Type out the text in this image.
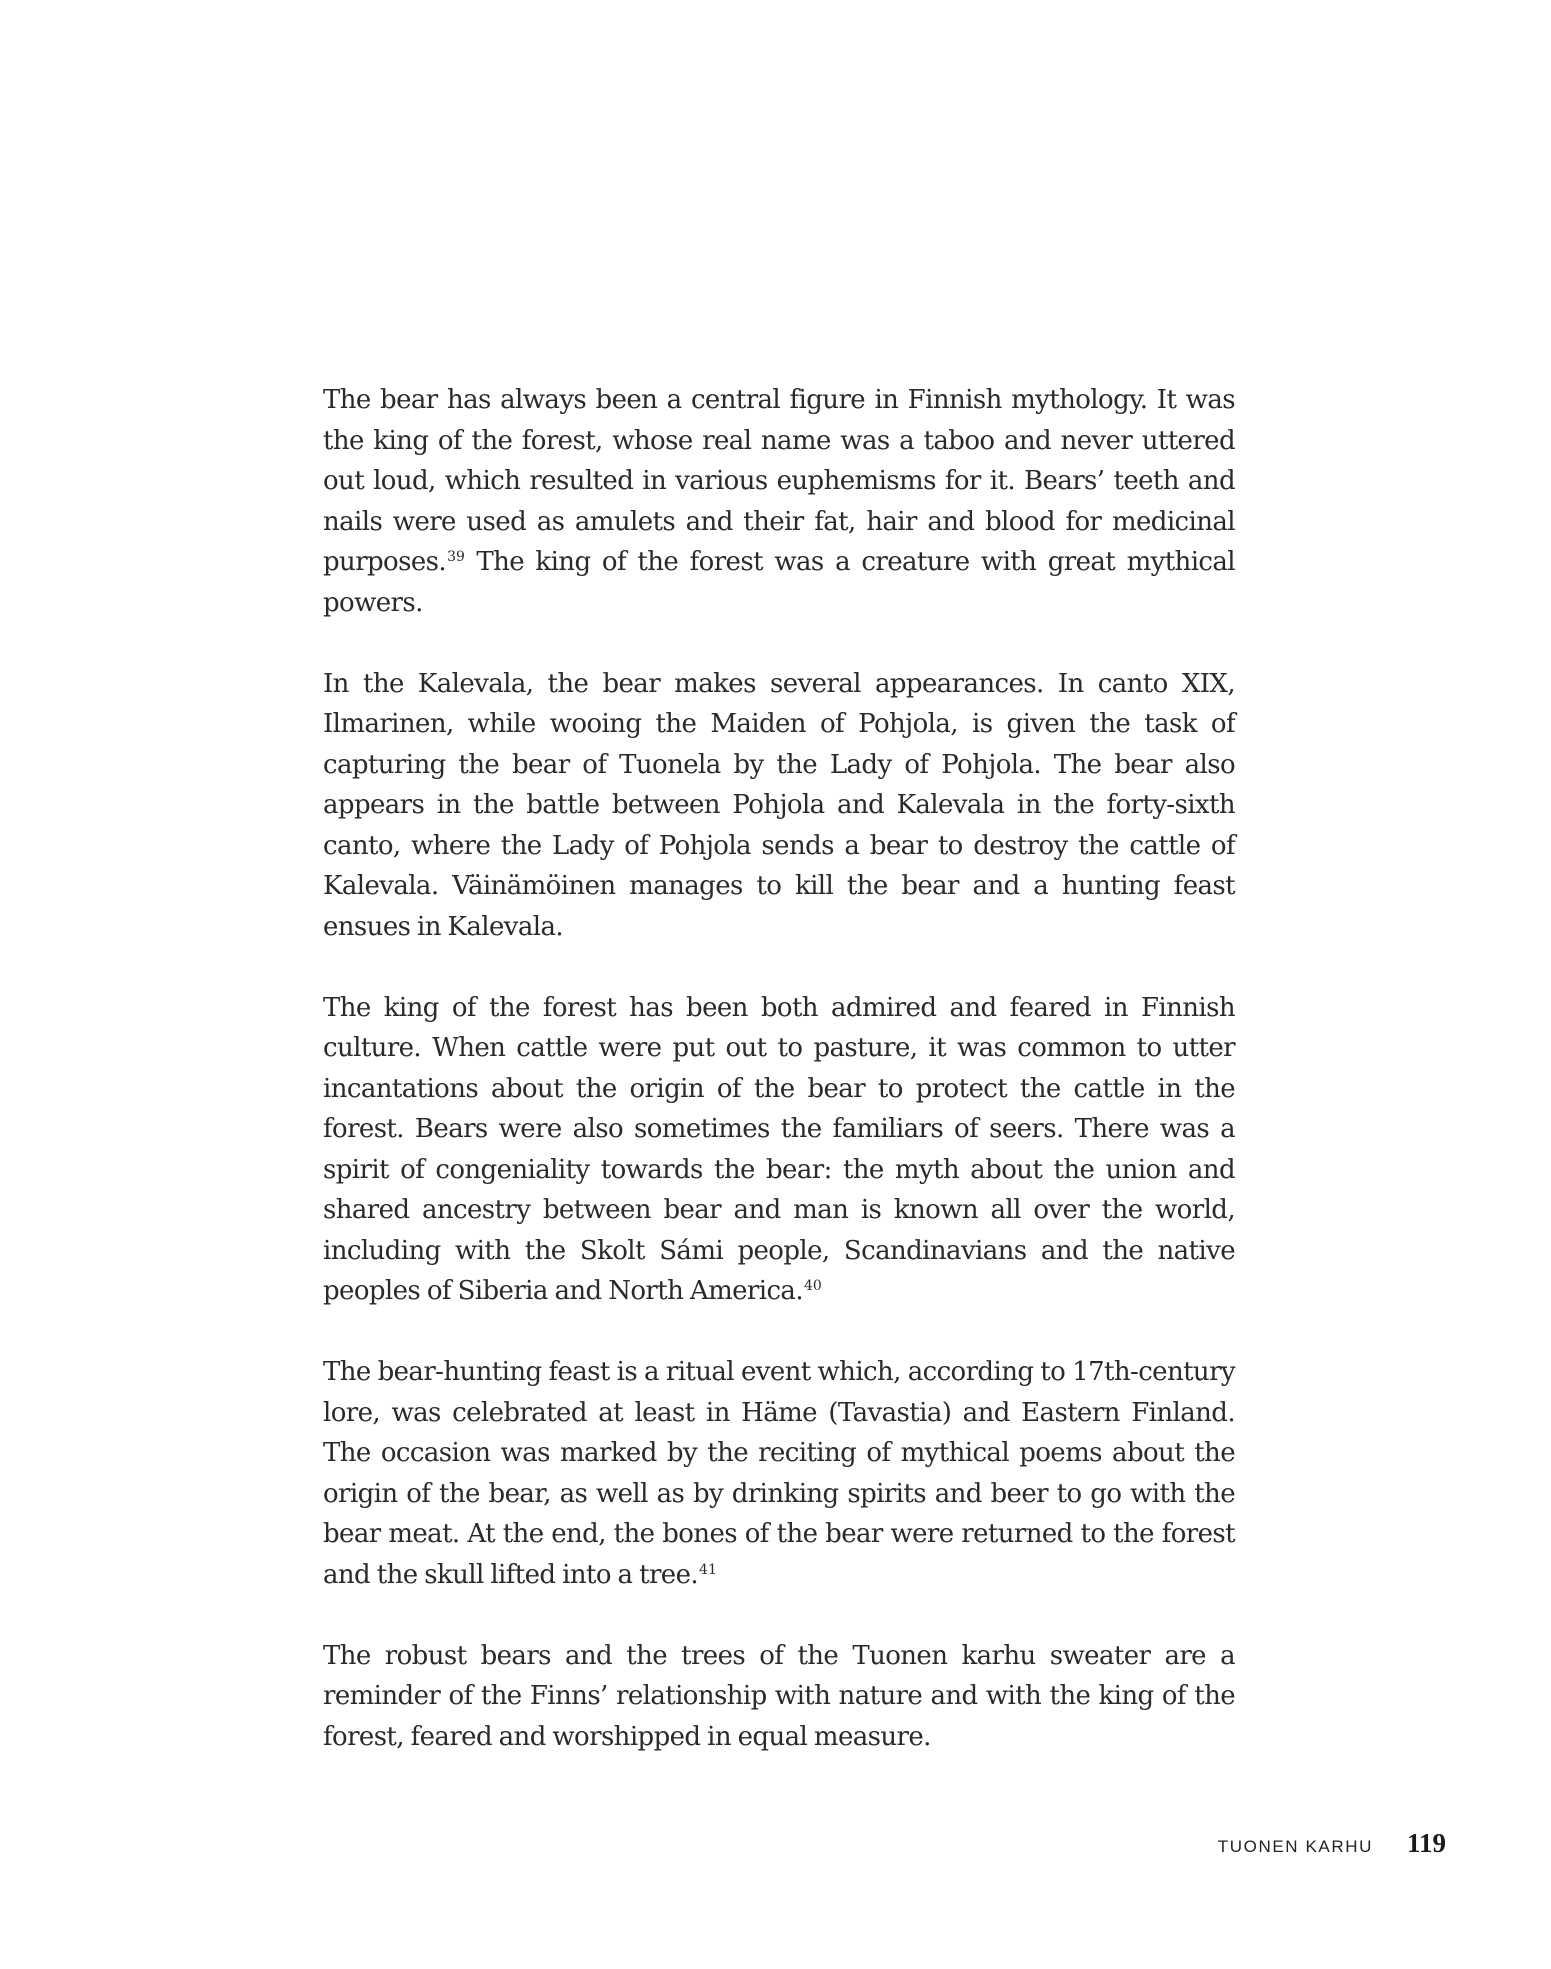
The bear has always been a central figure in Finnish mythology. It was the king of the forest, whose real name was a taboo and never uttered out loud, which resulted in various euphemisms for it. Bears’ teeth and nails were used as amulets and their fat, hair and blood for medicinal purposes.$^{39}$ The king of the forest was a creature with great mythical powers.

In the Kalevala, the bear makes several appearances. In canto XIX, Ilmarinen, while wooing the Maiden of Pohjola, is given the task of capturing the bear of Tuonela by the Lady of Pohjola. The bear also appears in the battle between Pohjola and Kalevala in the forty-sixth canto, where the Lady of Pohjola sends a bear to destroy the cattle of Kalevala. Väinämöinen manages to kill the bear and a hunting feast ensues in Kalevala.

The king of the forest has been both admired and feared in Finnish culture. When cattle were put out to pasture, it was common to utter incantations about the origin of the bear to protect the cattle in the forest. Bears were also sometimes the familiars of seers. There was a spirit of congeniality towards the bear: the myth about the union and shared ancestry between bear and man is known all over the world, including with the Skolt Sámi people, Scandinavians and the native peoples of Siberia and North America.$^{40}$

The bear-hunting feast is a ritual event which, according to 17th-century lore, was celebrated at least in Häme (Tavastia) and Eastern Finland. The occasion was marked by the reciting of mythical poems about the origin of the bear, as well as by drinking spirits and beer to go with the bear meat. At the end, the bones of the bear were returned to the forest and the skull lifted into a tree.$^{41}$

The robust bears and the trees of the Tuonen karhu sweater are a reminder of the Finns’ relationship with nature and with the king of the forest, feared and worshipped in equal measure.

TUONEN KARHU 119
